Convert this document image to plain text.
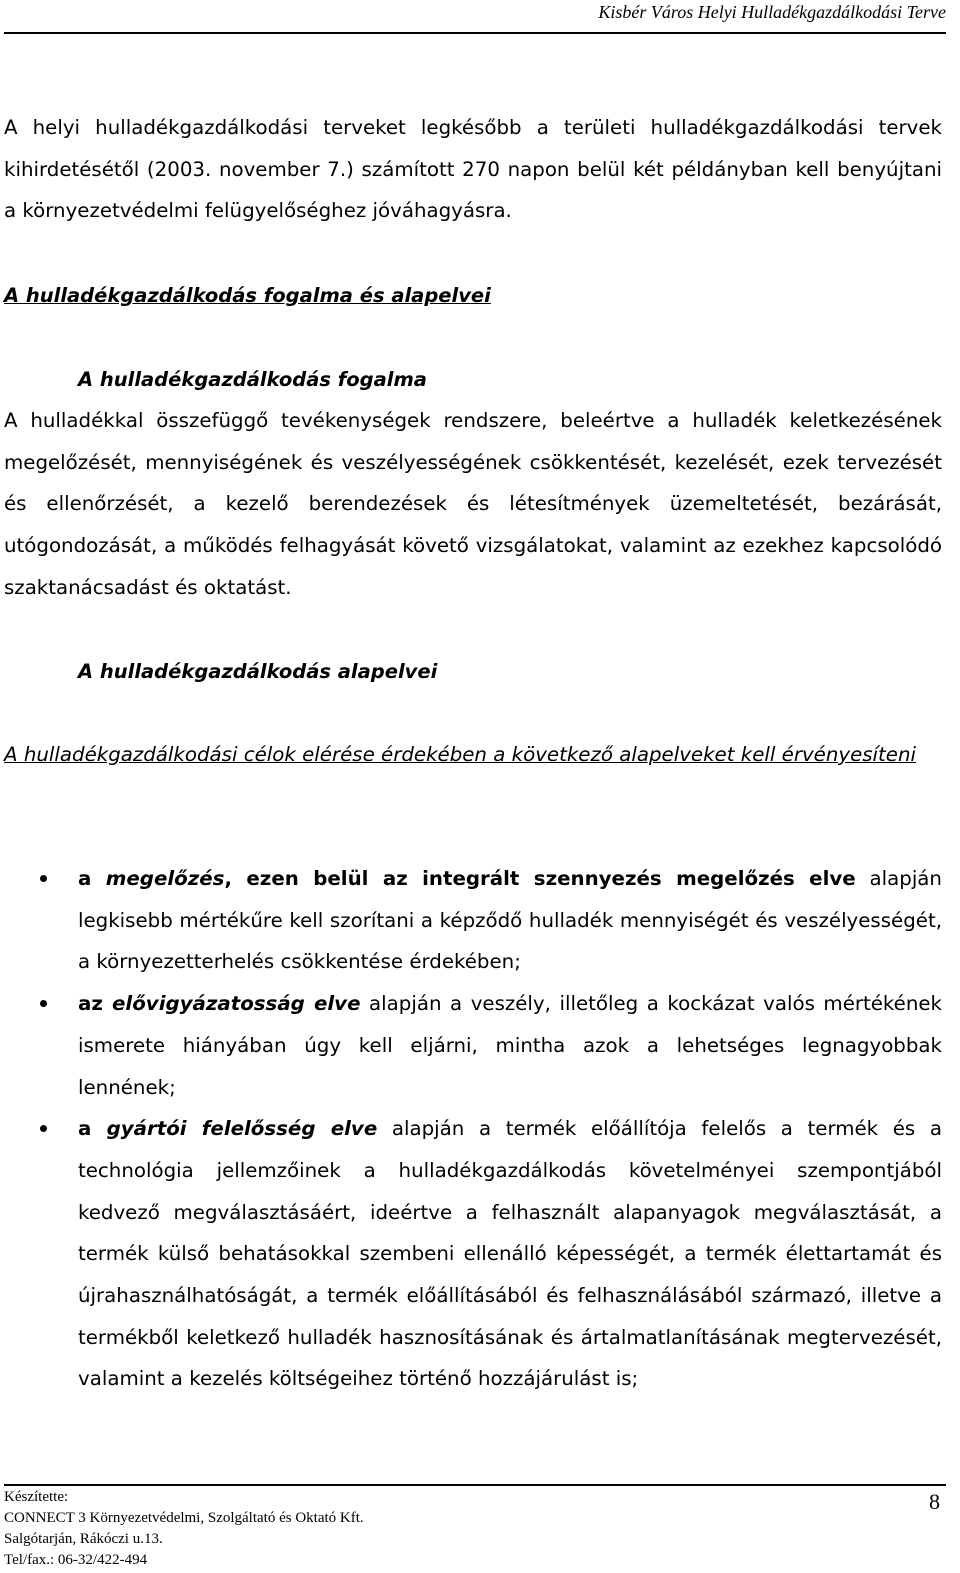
Kisbér Város Helyi Hulladékgazdálkodási Terve

A helyi hulladékgazdálkodási terveket legkésőbb a területi hulladékgazdálkodási tervek kihirdetésétől (2003. november 7.) számított 270 napon belül két példányban kell benyújtani a környezetvédelmi felügyelőséghez jóváhagyásra.

A hulladékgazdálkodás fogalma és alapelvei
A hulladékgazdálkodás fogalma

A hulladékkal összefüggő tevékenységek rendszere, beleértve a hulladék keletkezésének megelőzését, mennyiségének és veszélyességének csökkentését, kezelését, ezek tervezését és ellenőrzését, a kezelő berendezések és létesítmények üzemeltetését, bezárását, utógondozását, a működés felhagyását követő vizsgálatokat, valamint az ezekhez kapcsolódó szaktanácsadást és oktatást.

A hulladékgazdálkodás alapelvei

A hulladékgazdálkodási célok elérése érdekében a következő alapelveket kell érvényesíteni

a megelőzés, ezen belül az integrált szennyezés megelőzés elve alapján legkisebb mértékűre kell szorítani a képződő hulladék mennyiségét és veszélyességét, a környezetterhelés csökkentése érdekében;
az elővigyázatosság elve alapján a veszély, illetőleg a kockázat valós mértékének ismerete hiányában úgy kell eljárni, mintha azok a lehetséges legnagyobbak lennének;
a gyártói felelősség elve alapján a termék előállítója felelős a termék és a technológia jellemzőinek a hulladékgazdálkodás követelményei szempontjából kedvező megválasztásáért, ideértve a felhasznált alapanyagok megválasztását, a termék külső behatásokkal szembeni ellenálló képességét, a termék élettartamát és újrahasználhatóságát, a termék előállításából és felhasználásából származó, illetve a termékből keletkező hulladék hasznosításának és ártalmatlanításának megtervezését, valamint a kezelés költségeihez történő hozzájárulást is;
Készítette:
CONNECT 3 Környezetvédelmi, Szolgáltató és Oktató Kft.
Salgótarján, Rákóczi u.13.
Tel/fax.: 06-32/422-494
8
